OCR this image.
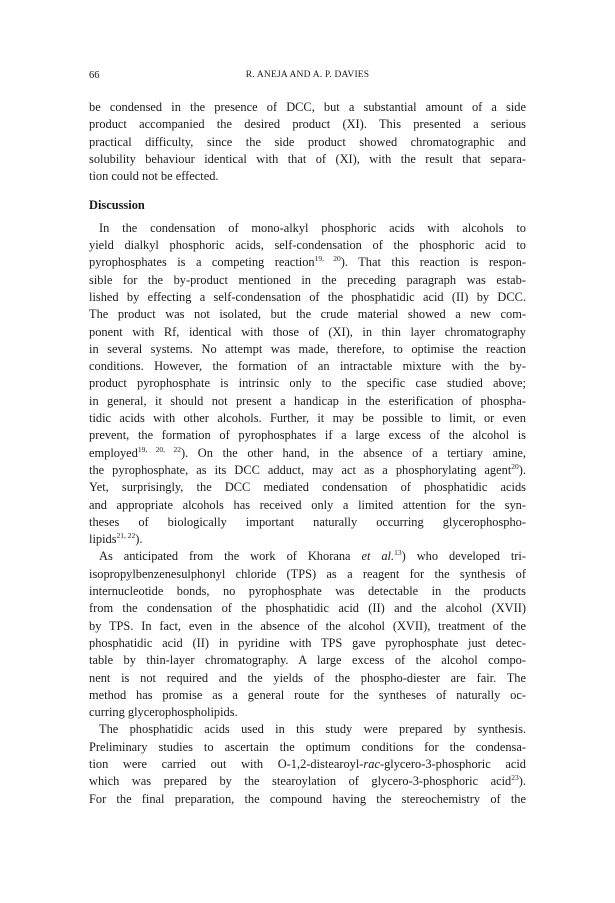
66	R. ANEJA AND A. P. DAVIES
be condensed in the presence of DCC, but a substantial amount of a side
product accompanied the desired product (XI). This presented a serious
practical difficulty, since the side product showed chromatographic and
solubility behaviour identical with that of (XI), with the result that separa-
tion could not be effected.
Discussion
In the condensation of mono-alkyl phosphoric acids with alcohols to
yield dialkyl phosphoric acids, self-condensation of the phosphoric acid to
pyrophosphates is a competing reaction$^{19, 20}$). That this reaction is respon-
sible for the by-product mentioned in the preceding paragraph was estab-
lished by effecting a self-condensation of the phosphatidic acid (II) by DCC.
The product was not isolated, but the crude material showed a new com-
ponent with Rf, identical with those of (XI), in thin layer chromatography
in several systems. No attempt was made, therefore, to optimise the reaction
conditions. However, the formation of an intractable mixture with the by-
product pyrophosphate is intrinsic only to the specific case studied above;
in general, it should not present a handicap in the esterification of phospha-
tidic acids with other alcohols. Further, it may be possible to limit, or even
prevent, the formation of pyrophosphates if a large excess of the alcohol is
employed$^{19, 20, 22}$). On the other hand, in the absence of a tertiary amine,
the pyrophosphate, as its DCC adduct, may act as a phosphorylating agent$^{20}$).
Yet, surprisingly, the DCC mediated condensation of phosphatidic acids
and appropriate alcohols has received only a limited attention for the syn-
theses of biologically important naturally occurring glycerophospho-
lipids$^{21, 22}$).
As anticipated from the work of Khorana et al.$^{13}$) who developed tri-
isopropylbenzenesulphonyl chloride (TPS) as a reagent for the synthesis of
internucleotide bonds, no pyrophosphate was detectable in the products
from the condensation of the phosphatidic acid (II) and the alcohol (XVII)
by TPS. In fact, even in the absence of the alcohol (XVII), treatment of the
phosphatidic acid (II) in pyridine with TPS gave pyrophosphate just detec-
table by thin-layer chromatography. A large excess of the alcohol compo-
nent is not required and the yields of the phospho-diester are fair. The
method has promise as a general route for the syntheses of naturally oc-
curring glycerophospholipids.
The phosphatidic acids used in this study were prepared by synthesis.
Preliminary studies to ascertain the optimum conditions for the condensa-
tion were carried out with O-1,2-distearoyl-rac-glycero-3-phosphoric acid
which was prepared by the stearoylation of glycero-3-phosphoric acid$^{23}$).
For the final preparation, the compound having the stereochemistry of the
